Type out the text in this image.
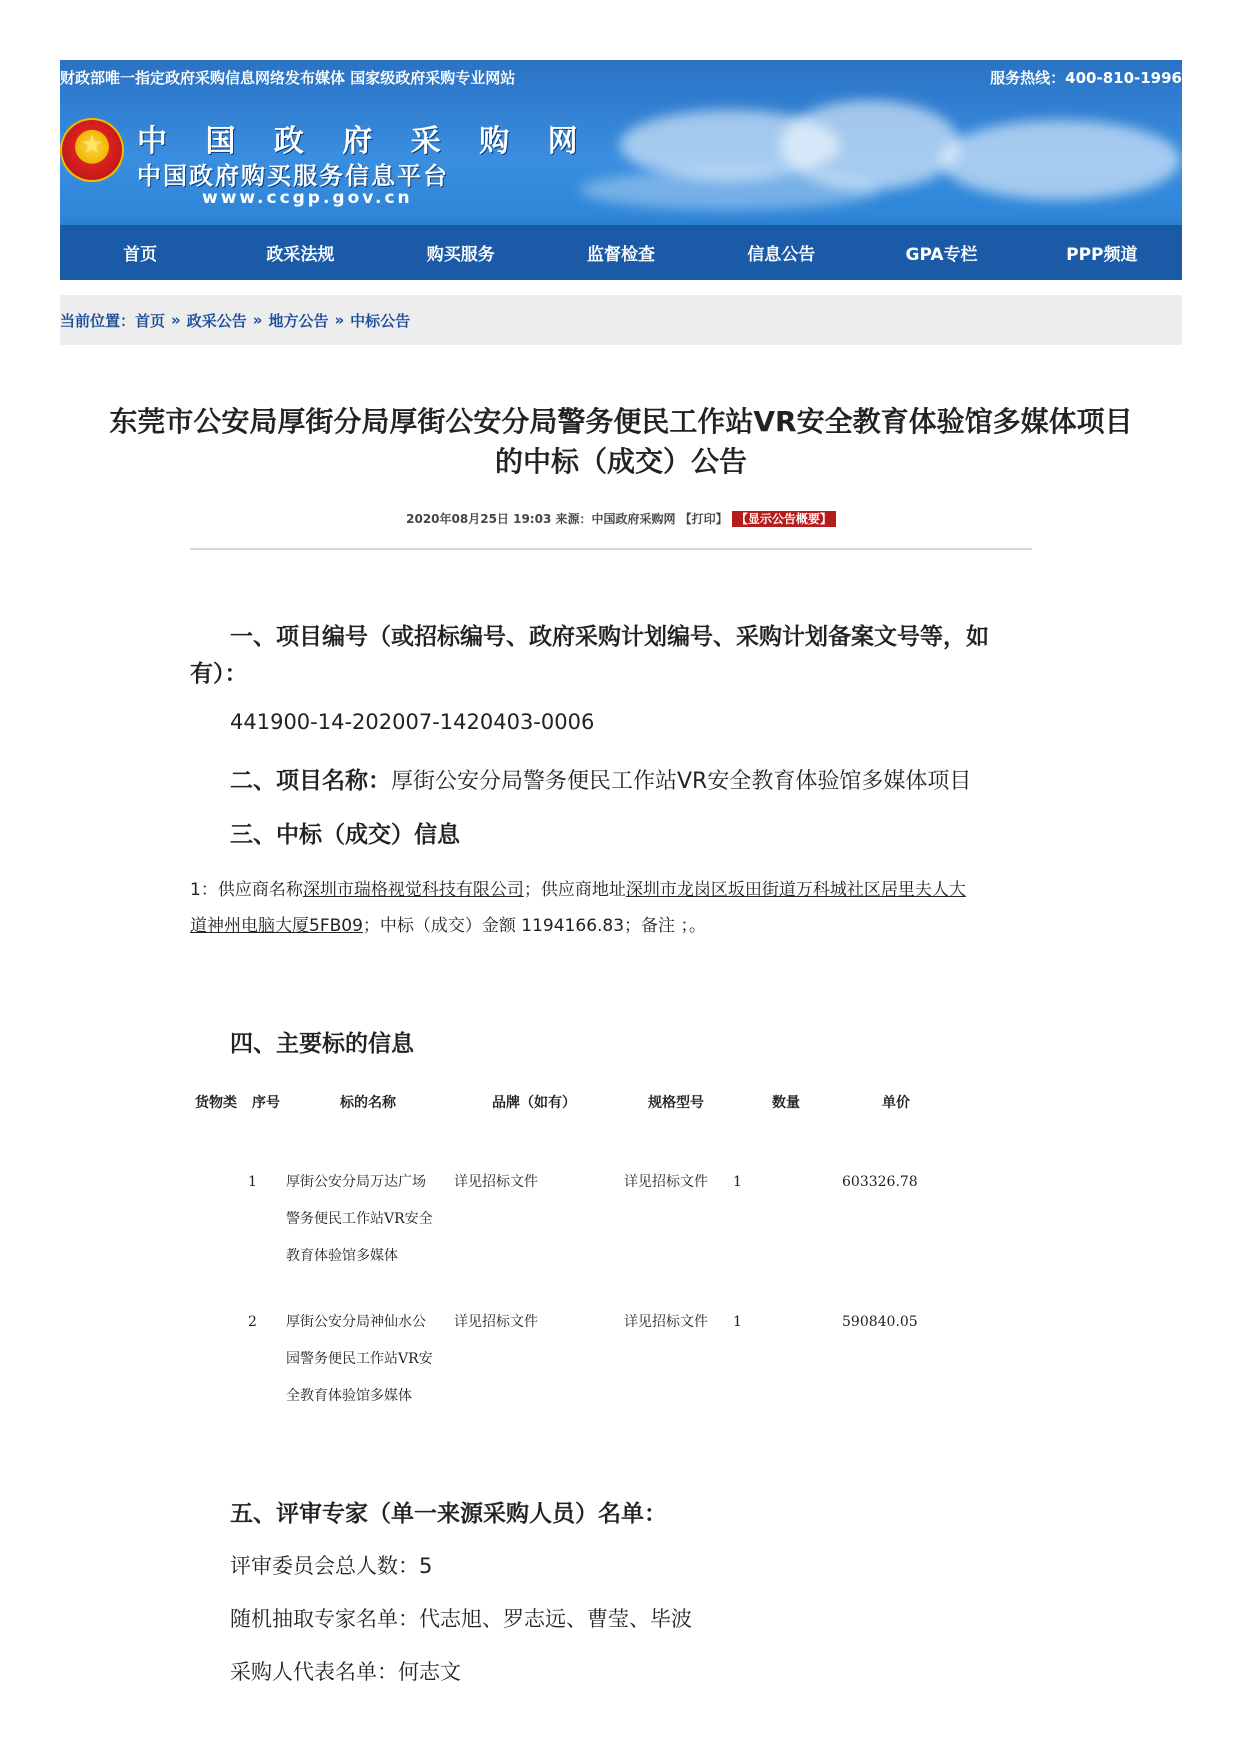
财政部唯一指定政府采购信息网络发布媒体 国家级政府采购专业网站	服务热线：400-810-1996
★
中 国 政 府 采 购 网
中国政府购买服务信息平台
www.ccgp.gov.cn
首页	政采法规	购买服务	监督检查	信息公告	GPA专栏	PPP频道
当前位置： 首页 » 政采公告 » 地方公告 » 中标公告
东莞市公安局厚街分局厚街公安分局警务便民工作站VR安全教育体验馆多媒体项目
的中标（成交）公告
2020年08月25日 19:03 来源：中国政府采购网 【打印】 【显示公告概要】
一、项目编号（或招标编号、政府采购计划编号、采购计划备案文号等，如
有）：
441900-14-202007-1420403-0006
二、项目名称：厚街公安分局警务便民工作站VR安全教育体验馆多媒体项目
三、中标（成交）信息
1：供应商名称深圳市瑞格视觉科技有限公司；供应商地址深圳市龙岗区坂田街道万科城社区居里夫人大
道神州电脑大厦5FB09；中标（成交）金额 1194166.83；备注 ；。
四、主要标的信息
货物类 序号	标的名称	品牌（如有）	规格型号	数量	单价
1 厚街公安分局万达广场
警务便民工作站VR安全
教育体验馆多媒体
详见招标文件	详见招标文件 1	603326.78
2 厚街公安分局神仙水公
园警务便民工作站VR安
全教育体验馆多媒体
详见招标文件	详见招标文件 1	590840.05
五、评审专家（单一来源采购人员）名单：
评审委员会总人数：5
随机抽取专家名单：代志旭、罗志远、曹莹、毕波
采购人代表名单：何志文
